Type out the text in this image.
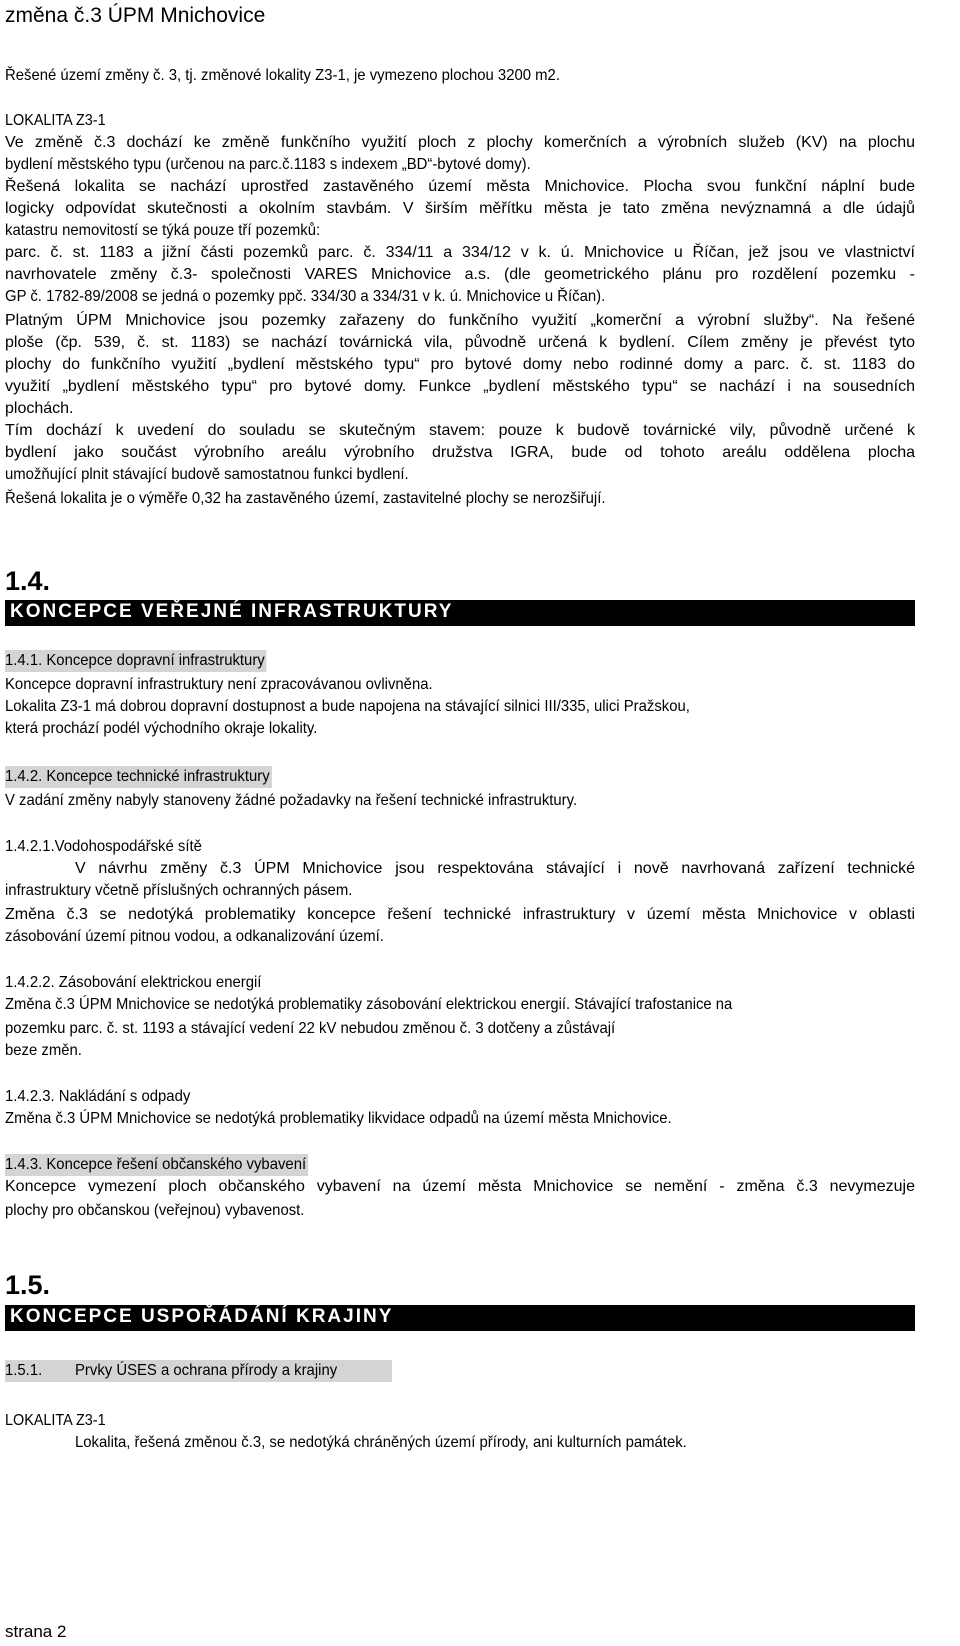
změna č.3 ÚPM Mnichovice
Řešené území změny č. 3, tj. změnové lokality Z3-1, je vymezeno plochou 3200 m2.
LOKALITA Z3-1
Ve změně č.3 dochází ke změně funkčního využití ploch z plochy komerčních a výrobních služeb (KV) na plochu
bydlení městského typu (určenou na parc.č.1183 s indexem „BD“-bytové domy).
Řešená lokalita se nachází uprostřed zastavěného území města Mnichovice. Plocha svou funkční náplní bude
logicky odpovídat skutečnosti a okolním stavbám. V širším měřítku města je tato změna nevýznamná a dle údajů
katastru nemovitostí se týká pouze tří pozemků:
parc. č. st. 1183 a jižní části pozemků parc. č. 334/11 a 334/12 v k. ú. Mnichovice u Říčan, jež jsou ve vlastnictví
navrhovatele změny č.3- společnosti VARES Mnichovice a.s. (dle geometrického plánu pro rozdělení pozemku -
GP č. 1782-89/2008 se jedná o pozemky ppč. 334/30 a 334/31 v k. ú. Mnichovice u Říčan).
Platným ÚPM Mnichovice jsou pozemky zařazeny do funkčního využití „komerční a výrobní služby“. Na řešené
ploše (čp. 539, č. st. 1183) se nachází továrnická vila, původně určená k bydlení. Cílem změny je převést tyto
plochy do funkčního využití „bydlení městského typu“ pro bytové domy nebo rodinné domy a parc. č. st. 1183 do
využití „bydlení městského typu“ pro bytové domy. Funkce „bydlení městského typu“ se nachází i na sousedních
plochách.
Tím dochází k uvedení do souladu se skutečným stavem: pouze k budově továrnické vily, původně určené k
bydlení jako součást výrobního areálu výrobního družstva IGRA, bude od tohoto areálu oddělena plocha
umožňující plnit stávající budově samostatnou funkci bydlení.
Řešená lokalita je o výměře 0,32 ha zastavěného území, zastavitelné plochy se nerozšiřují.
1.4.
KONCEPCE VEŘEJNÉ INFRASTRUKTURY
1.4.1. Koncepce dopravní infrastruktury
Koncepce dopravní infrastruktury není zpracovávanou ovlivněna.
Lokalita Z3-1 má dobrou dopravní dostupnost a bude napojena na stávající silnici III/335, ulici Pražskou,
která prochází podél východního okraje lokality.
1.4.2. Koncepce technické infrastruktury
V zadání změny nabyly stanoveny žádné požadavky na řešení technické infrastruktury.
1.4.2.1.Vodohospodářské sítě
V návrhu změny č.3 ÚPM Mnichovice jsou respektována stávající i nově navrhovaná zařízení technické
infrastruktury včetně příslušných ochranných pásem.
Změna č.3 se nedotýká problematiky koncepce řešení technické infrastruktury v území města Mnichovice v oblasti
zásobování území pitnou vodou, a odkanalizování území.
1.4.2.2. Zásobování elektrickou energií
Změna č.3 ÚPM Mnichovice se nedotýká problematiky zásobování elektrickou energií. Stávající trafostanice na
pozemku parc. č. st. 1193 a stávající vedení 22 kV nebudou změnou č. 3 dotčeny a zůstávají
beze změn.
1.4.2.3. Nakládání s odpady
Změna č.3 ÚPM Mnichovice se nedotýká problematiky likvidace odpadů na území města Mnichovice.
1.4.3. Koncepce řešení občanského vybavení
Koncepce vymezení ploch občanského vybavení na území města Mnichovice se nemění - změna č.3 nevymezuje
plochy pro občanskou (veřejnou) vybavenost.
1.5.
KONCEPCE USPOŘÁDÁNÍ KRAJINY
1.5.1. Prvky ÚSES a ochrana přírody a krajiny
LOKALITA Z3-1
Lokalita, řešená změnou č.3, se nedotýká chráněných území přírody, ani kulturních památek.
strana 2
